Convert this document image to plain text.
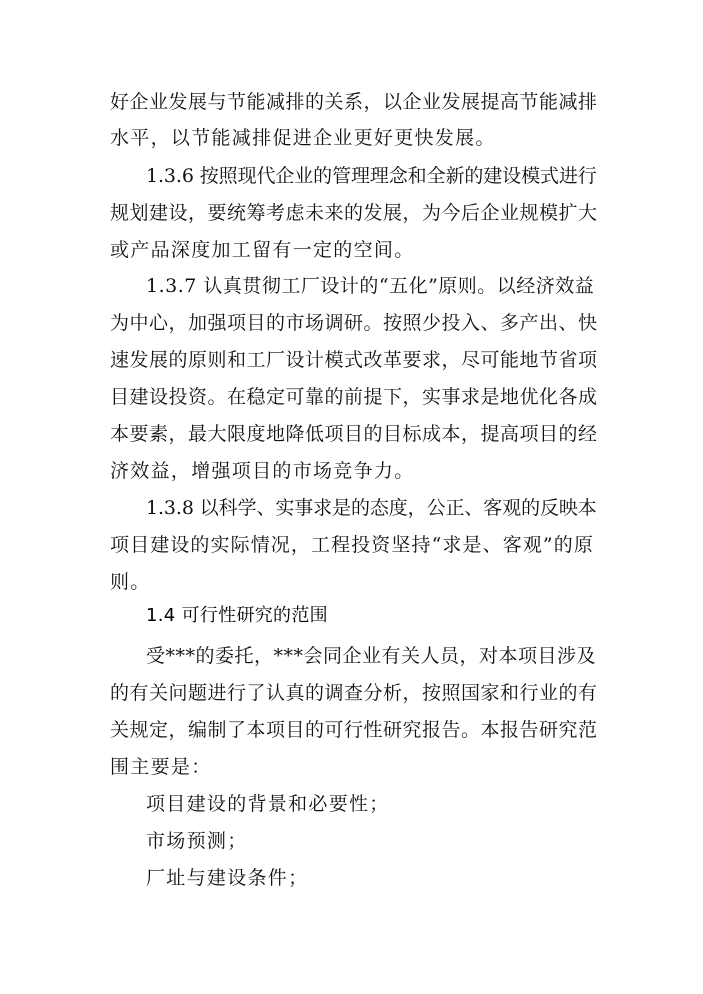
好企业发展与节能减排的关系，以企业发展提高节能减排
水平，以节能减排促进企业更好更快发展。
1.3.6 按照现代企业的管理理念和全新的建设模式进行
规划建设，要统筹考虑未来的发展，为今后企业规模扩大
或产品深度加工留有一定的空间。
1.3.7 认真贯彻工厂设计的“五化”原则。以经济效益
为中心，加强项目的市场调研。按照少投入、多产出、快
速发展的原则和工厂设计模式改革要求，尽可能地节省项
目建设投资。在稳定可靠的前提下，实事求是地优化各成
本要素，最大限度地降低项目的目标成本，提高项目的经
济效益，增强项目的市场竞争力。
1.3.8 以科学、实事求是的态度，公正、客观的反映本
项目建设的实际情况，工程投资坚持“求是、客观”的原
则。
1.4 可行性研究的范围
受***的委托，***会同企业有关人员，对本项目涉及
的有关问题进行了认真的调查分析，按照国家和行业的有
关规定，编制了本项目的可行性研究报告。本报告研究范
围主要是：
项目建设的背景和必要性；
市场预测；
厂址与建设条件；
